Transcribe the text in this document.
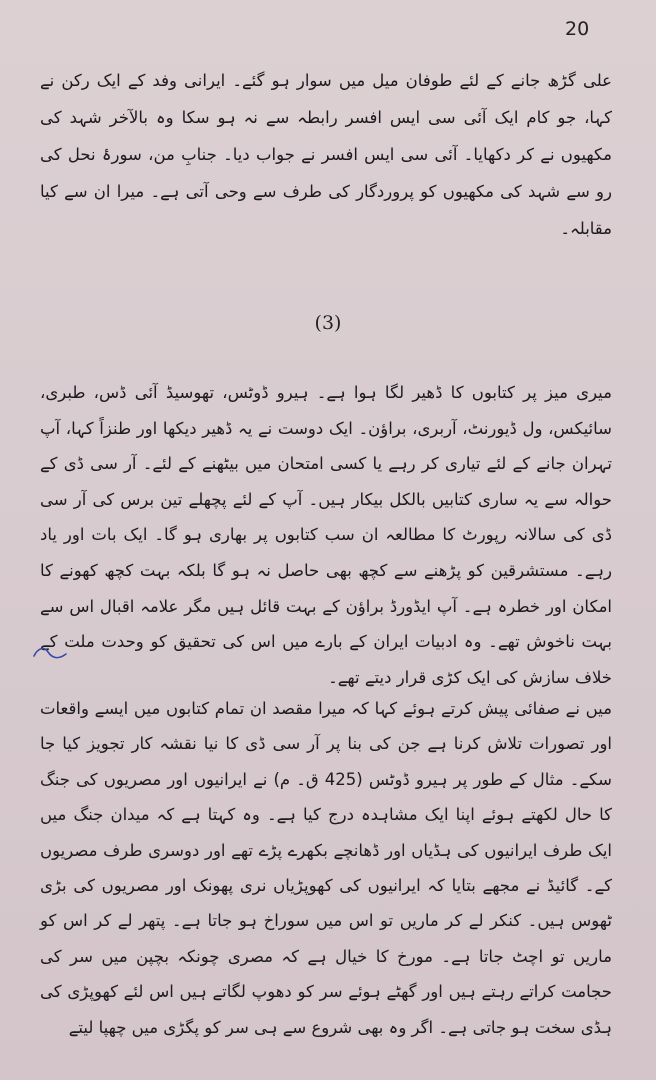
20
علی گڑھ جانے کے لئے طوفان میل میں سوار ہو گئے۔ ایرانی وفد کے ایک رکن نے کہا، جو کام ایک آئی سی ایس افسر رابطہ سے نہ ہو سکا وہ بالآخر شہد کی مکھیوں نے کر دکھایا۔ آئی سی ایس افسر نے جواب دیا۔ جنابِ من، سورۂ نحل کی رو سے شہد کی مکھیوں کو پروردگار کی طرف سے وحی آتی ہے۔ میرا ان سے کیا مقابلہ۔
(3)
میری میز پر کتابوں کا ڈھیر لگا ہوا ہے۔ ہیرو ڈوٹس، تھوسیڈ آئی ڈس، طبری، سائیکس، ول ڈیورنٹ، آربری، براؤن۔ ایک دوست نے یہ ڈھیر دیکھا اور طنزاً کہا، آپ تہران جانے کے لئے تیاری کر رہے یا کسی امتحان میں بیٹھنے کے لئے۔ آر سی ڈی کے حوالہ سے یہ ساری کتابیں بالکل بیکار ہیں۔ آپ کے لئے پچھلے تین برس کی آر سی ڈی کی سالانہ رپورٹ کا مطالعہ ان سب کتابوں پر بھاری ہو گا۔ ایک بات اور یاد رہے۔ مستشرقین کو پڑھنے سے کچھ بھی حاصل نہ ہو گا بلکہ بہت کچھ کھونے کا امکان اور خطرہ ہے۔ آپ ایڈورڈ براؤن کے بہت قائل ہیں مگر علامہ اقبال اس سے بہت ناخوش تھے۔ وہ ادبیات ایران کے بارے میں اس کی تحقیق کو وحدت ملت کے خلاف سازش کی ایک کڑی قرار دیتے تھے۔
میں نے صفائی پیش کرتے ہوئے کہا کہ میرا مقصد ان تمام کتابوں میں ایسے واقعات اور تصورات تلاش کرنا ہے جن کی بنا پر آر سی ڈی کا نیا نقشہ کار تجویز کیا جا سکے۔ مثال کے طور پر ہیرو ڈوٹس (425 ق۔ م) نے ایرانیوں اور مصریوں کی جنگ کا حال لکھتے ہوئے اپنا ایک مشاہدہ درج کیا ہے۔ وہ کہتا ہے کہ میدان جنگ میں ایک طرف ایرانیوں کی ہڈیاں اور ڈھانچے بکھرے پڑے تھے اور دوسری طرف مصریوں کے۔ گائیڈ نے مجھے بتایا کہ ایرانیوں کی کھوپڑیاں نری پھونک اور مصریوں کی بڑی ٹھوس ہیں۔ کنکر لے کر ماریں تو اس میں سوراخ ہو جاتا ہے۔ پتھر لے کر اس کو ماریں تو اچٹ جاتا ہے۔ مورخ کا خیال ہے کہ مصری چونکہ بچپن میں سر کی حجامت کراتے رہتے ہیں اور گھٹے ہوئے سر کو دھوپ لگاتے ہیں اس لئے کھوپڑی کی ہڈی سخت ہو جاتی ہے۔ اگر وہ بھی شروع سے ہی سر کو پگڑی میں چھپا لیتے
